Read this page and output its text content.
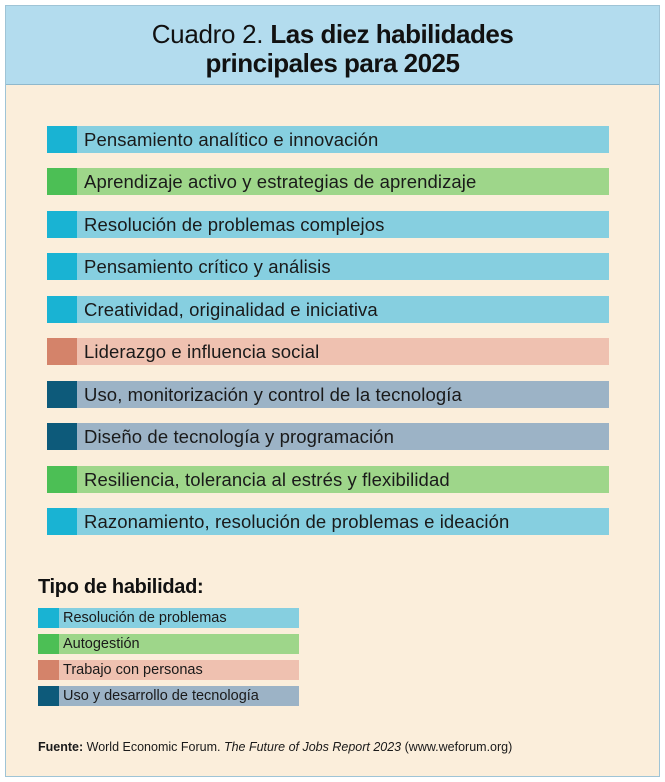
Cuadro 2. Las diez habilidades
principales para 2025
Pensamiento analítico e innovación
Aprendizaje activo y estrategias de aprendizaje
Resolución de problemas complejos
Pensamiento crítico y análisis
Creatividad, originalidad e iniciativa
Liderazgo e influencia social
Uso, monitorización y control de la tecnología
Diseño de tecnología y programación
Resiliencia, tolerancia al estrés y flexibilidad
Razonamiento, resolución de problemas e ideación
Tipo de habilidad:
Resolución de problemas
Autogestión
Trabajo con personas
Uso y desarrollo de tecnología
Fuente: World Economic Forum. The Future of Jobs Report 2023 (www.weforum.org)
